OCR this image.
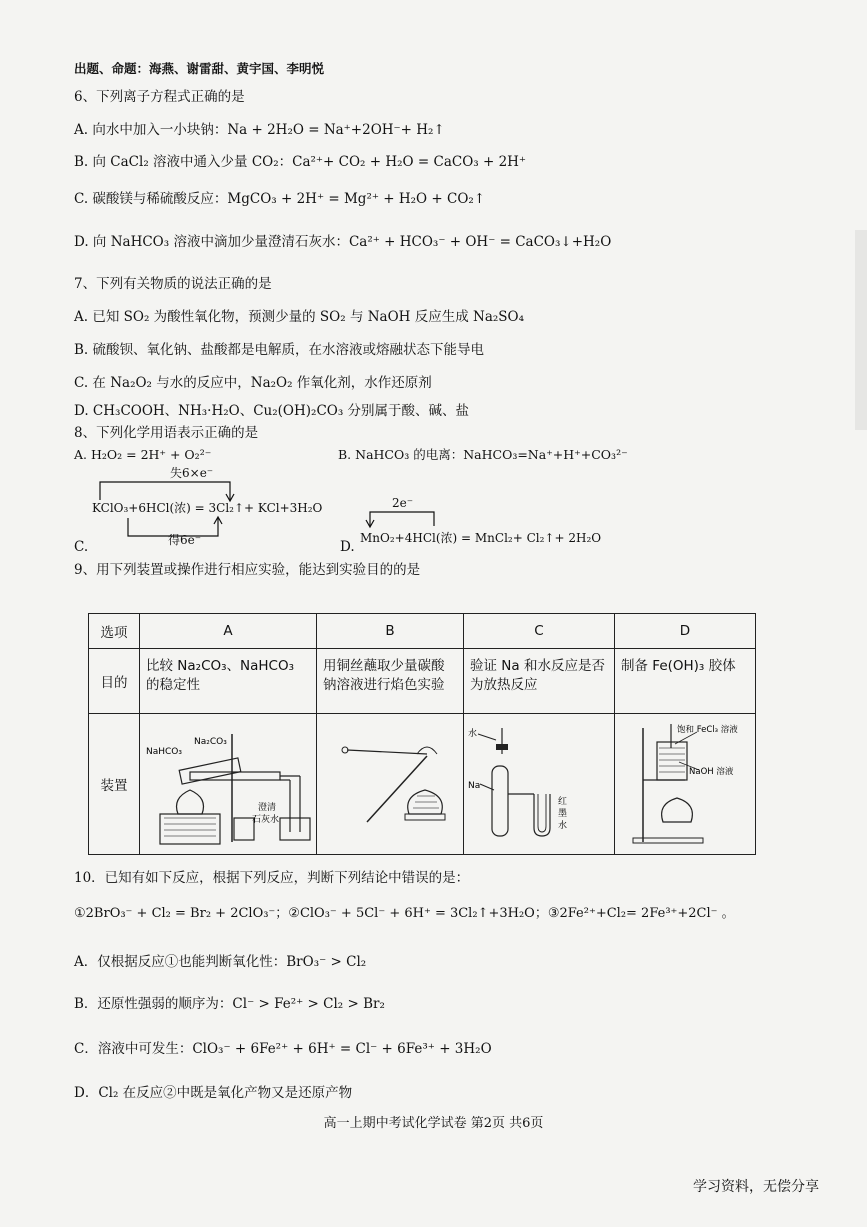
出题、命题：海燕、谢雷甜、黄宇国、李明悦
6、下列离子方程式正确的是
A. 向水中加入一小块钠：Na + 2H₂O = Na⁺+2OH⁻+ H₂↑
B. 向 CaCl₂ 溶液中通入少量 CO₂：Ca²⁺+ CO₂ + H₂O = CaCO₃ + 2H⁺
C. 碳酸镁与稀硫酸反应：MgCO₃ + 2H⁺ = Mg²⁺ + H₂O + CO₂↑
D. 向 NaHCO₃ 溶液中滴加少量澄清石灰水：Ca²⁺ + HCO₃⁻ + OH⁻ = CaCO₃↓+H₂O
7、下列有关物质的说法正确的是
A. 已知 SO₂ 为酸性氧化物，预测少量的 SO₂ 与 NaOH 反应生成 Na₂SO₄
B. 硫酸钡、氧化钠、盐酸都是电解质，在水溶液或熔融状态下能导电
C. 在 Na₂O₂ 与水的反应中，Na₂O₂ 作氧化剂，水作还原剂
D. CH₃COOH、NH₃·H₂O、Cu₂(OH)₂CO₃ 分别属于酸、碱、盐
8、下列化学用语表示正确的是
A. H₂O₂ = 2H⁺ + O₂²⁻	B. NaHCO₃ 的电离：NaHCO₃=Na⁺+H⁺+CO₃²⁻
失6×e⁻
KClO₃+6HCl(浓) = 3Cl₂↑+ KCl+3H₂O
C.	得6e⁻
2e⁻
D.
MnO₂+4HCl(浓) = MnCl₂+ Cl₂↑+ 2H₂O
9、用下列装置或操作进行相应实验，能达到实验目的的是
选项	A	B	C	D
目的	比较 Na₂CO₃、NaHCO₃ 的稳定性	用铜丝蘸取少量碳酸钠溶液进行焰色实验	验证 Na 和水反应是否为放热反应	制备 Fe(OH)₃ 胶体
装置	NaHCO₃
Na₂CO₃
澄清
石灰水		水
Na
红
墨
水	饱和 FeCl₃ 溶液
NaOH 溶液
10．已知有如下反应，根据下列反应，判断下列结论中错误的是：
①2BrO₃⁻ + Cl₂ = Br₂ + 2ClO₃⁻；②ClO₃⁻ + 5Cl⁻ + 6H⁺ = 3Cl₂↑+3H₂O；③2Fe²⁺+Cl₂= 2Fe³⁺+2Cl⁻ 。
A．仅根据反应①也能判断氧化性：BrO₃⁻ > Cl₂
B．还原性强弱的顺序为：Cl⁻ > Fe²⁺ > Cl₂ > Br₂
C．溶液中可发生：ClO₃⁻ + 6Fe²⁺ + 6H⁺ = Cl⁻ + 6Fe³⁺ + 3H₂O
D．Cl₂ 在反应②中既是氧化产物又是还原产物
高一上期中考试化学试卷 第2页 共6页
学习资料，无偿分享
